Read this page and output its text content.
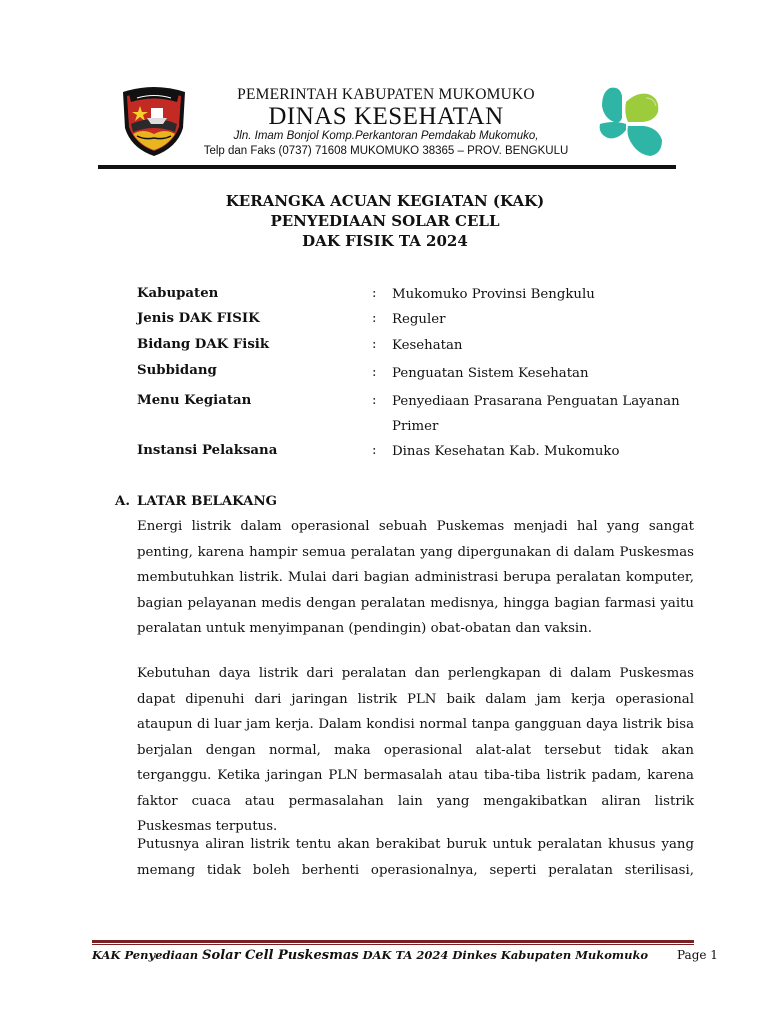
PEMERINTAH KABUPATEN MUKOMUKO
DINAS KESEHATAN
Jln. Imam Bonjol Komp.Perkantoran Pemdakab Mukomuko,
Telp dan Faks (0737) 71608 MUKOMUKO 38365 – PROV. BENGKULU
KERANGKA ACUAN KEGIATAN (KAK)
PENYEDIAAN SOLAR CELL
DAK FISIK TA 2024
Kabupaten	: Mukomuko Provinsi Bengkulu
Jenis DAK FISIK	: Reguler
Bidang DAK Fisik	: Kesehatan
Subbidang	: Penguatan Sistem Kesehatan
Menu Kegiatan	: Penyediaan Prasarana Penguatan Layanan Primer
Instansi Pelaksana	: Dinas Kesehatan Kab. Mukomuko
A. LATAR BELAKANG
Energi listrik dalam operasional sebuah Puskemas menjadi hal yang sangat penting, karena hampir semua peralatan yang dipergunakan di dalam Puskesmas membutuhkan listrik. Mulai dari bagian administrasi berupa peralatan komputer, bagian pelayanan medis dengan peralatan medisnya, hingga bagian farmasi yaitu peralatan untuk menyimpanan (pendingin) obat-obatan dan vaksin.
Kebutuhan daya listrik dari peralatan dan perlengkapan di dalam Puskesmas dapat dipenuhi dari jaringan listrik PLN baik dalam jam kerja operasional ataupun di luar jam kerja. Dalam kondisi normal tanpa gangguan daya listrik bisa berjalan dengan normal, maka operasional alat-alat tersebut tidak akan terganggu. Ketika jaringan PLN bermasalah atau tiba-tiba listrik padam, karena faktor cuaca atau permasalahan lain yang mengakibatkan aliran listrik Puskesmas terputus.
Putusnya aliran listrik tentu akan berakibat buruk untuk peralatan khusus yang memang tidak boleh berhenti operasionalnya, seperti peralatan sterilisasi,
KAK Penyediaan Solar Cell Puskesmas DAK TA 2024 Dinkes Kabupaten Mukomuko Page 1
